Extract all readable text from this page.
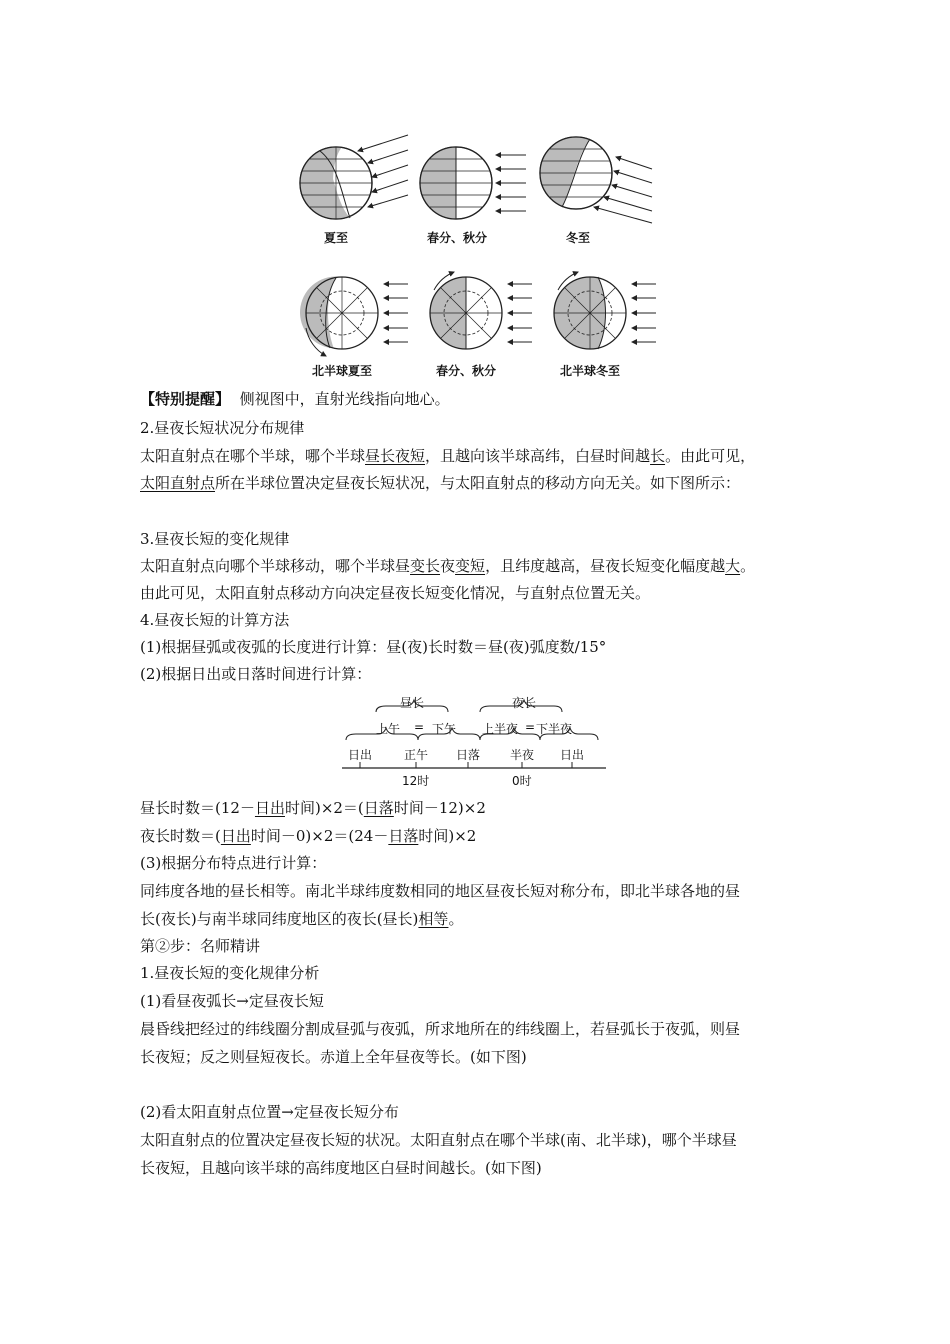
夏至	春分、秋分	冬至
北半球夏至	春分、秋分	北半球冬至
【特别提醒】 侧视图中，直射光线指向地心。
2.昼夜长短状况分布规律
太阳直射点在哪个半球，哪个半球昼长夜短，且越向该半球高纬，白昼时间越长。由此可见，
太阳直射点所在半球位置决定昼夜长短状况，与太阳直射点的移动方向无关。如下图所示：
3.昼夜长短的变化规律
太阳直射点向哪个半球移动，哪个半球昼变长夜变短，且纬度越高，昼夜长短变化幅度越大。
由此可见，太阳直射点移动方向决定昼夜长短变化情况，与直射点位置无关。
4.昼夜长短的计算方法
(1)根据昼弧或夜弧的长度进行计算：昼(夜)长时数＝昼(夜)弧度数/15°
(2)根据日出或日落时间进行计算：
昼长	夜长
上午 = 下午 上半夜 = 下半夜
日出	正午 日落 半夜 日出
12时	0时
昼长时数＝(12－日出时间)×2＝(日落时间－12)×2
夜长时数＝(日出时间－0)×2＝(24－日落时间)×2
(3)根据分布特点进行计算：
同纬度各地的昼长相等。南北半球纬度数相同的地区昼夜长短对称分布，即北半球各地的昼
长(夜长)与南半球同纬度地区的夜长(昼长)相等。
第②步：名师精讲
1.昼夜长短的变化规律分析
(1)看昼夜弧长→定昼夜长短
晨昏线把经过的纬线圈分割成昼弧与夜弧，所求地所在的纬线圈上，若昼弧长于夜弧，则昼
长夜短；反之则昼短夜长。赤道上全年昼夜等长。(如下图)
(2)看太阳直射点位置→定昼夜长短分布
太阳直射点的位置决定昼夜长短的状况。太阳直射点在哪个半球(南、北半球)，哪个半球昼
长夜短，且越向该半球的高纬度地区白昼时间越长。(如下图)
